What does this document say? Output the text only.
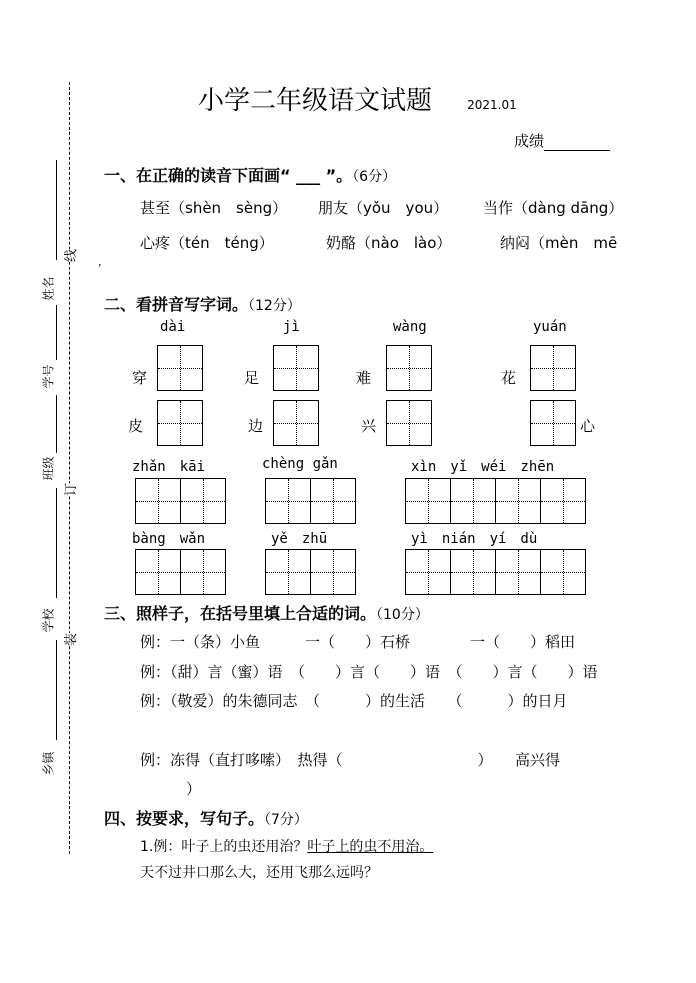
线
订
装
姓名
学号
班级
学校
乡镇
小学二年级语文试题	2021.01
成绩
一、在正确的读音下面画“ ___ ”。（6分）
甚至（shèn　sèng） 朋友（yǒu　you） 当作（dàng dāng）
心疼（tén　téng）	奶酪（nào　lào）	纳闷（mèn　mē
’
二、看拼音写字词。（12分）
dài	jì	wàng	yuán
穿	足	难	花
皮	边	兴	心
zhǎn　kāi	chèng gǎn	xìn　yǐ　wéi　zhēn
bàng　wǎn	yě　zhū	yì　nián　yí　dù
三、照样子，在括号里填上合适的词。（10分）
例：一（条）小鱼　　　一（　　）石桥　　　　一（　　）稻田
例：（甜）言（蜜）语　（　　）言（　　）语　（　　）言（　　）语
例：（敬爱）的朱德同志　（　　　）的生活　　（　　　）的日月
例：冻得（直打哆嗦）　热得（　　　　　　　　　）　　高兴得
）
四、按要求，写句子。（7分）
1.例：叶子上的虫还用治？叶子上的虫不用治。
天不过井口那么大，还用飞那么远吗？
